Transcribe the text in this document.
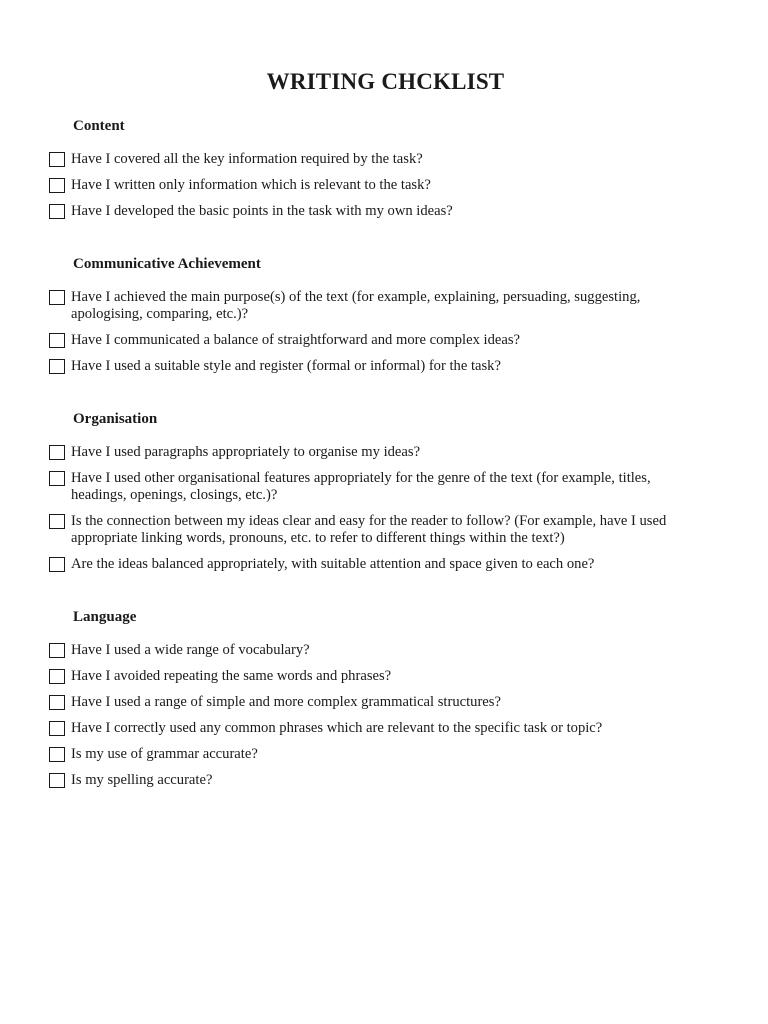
WRITING CHCKLIST
Content
Have I covered all the key information required by the task?
Have I written only information which is relevant to the task?
Have I developed the basic points in the task with my own ideas?
Communicative Achievement
Have I achieved the main purpose(s) of the text (for example, explaining, persuading, suggesting, apologising, comparing, etc.)?
Have I communicated a balance of straightforward and more complex ideas?
Have I used a suitable style and register (formal or informal) for the task?
Organisation
Have I used paragraphs appropriately to organise my ideas?
Have I used other organisational features appropriately for the genre of the text (for example, titles, headings, openings, closings, etc.)?
Is the connection between my ideas clear and easy for the reader to follow? (For example, have I used appropriate linking words, pronouns, etc. to refer to different things within the text?)
Are the ideas balanced appropriately, with suitable attention and space given to each one?
Language
Have I used a wide range of vocabulary?
Have I avoided repeating the same words and phrases?
Have I used a range of simple and more complex grammatical structures?
Have I correctly used any common phrases which are relevant to the specific task or topic?
Is my use of grammar accurate?
Is my spelling accurate?
